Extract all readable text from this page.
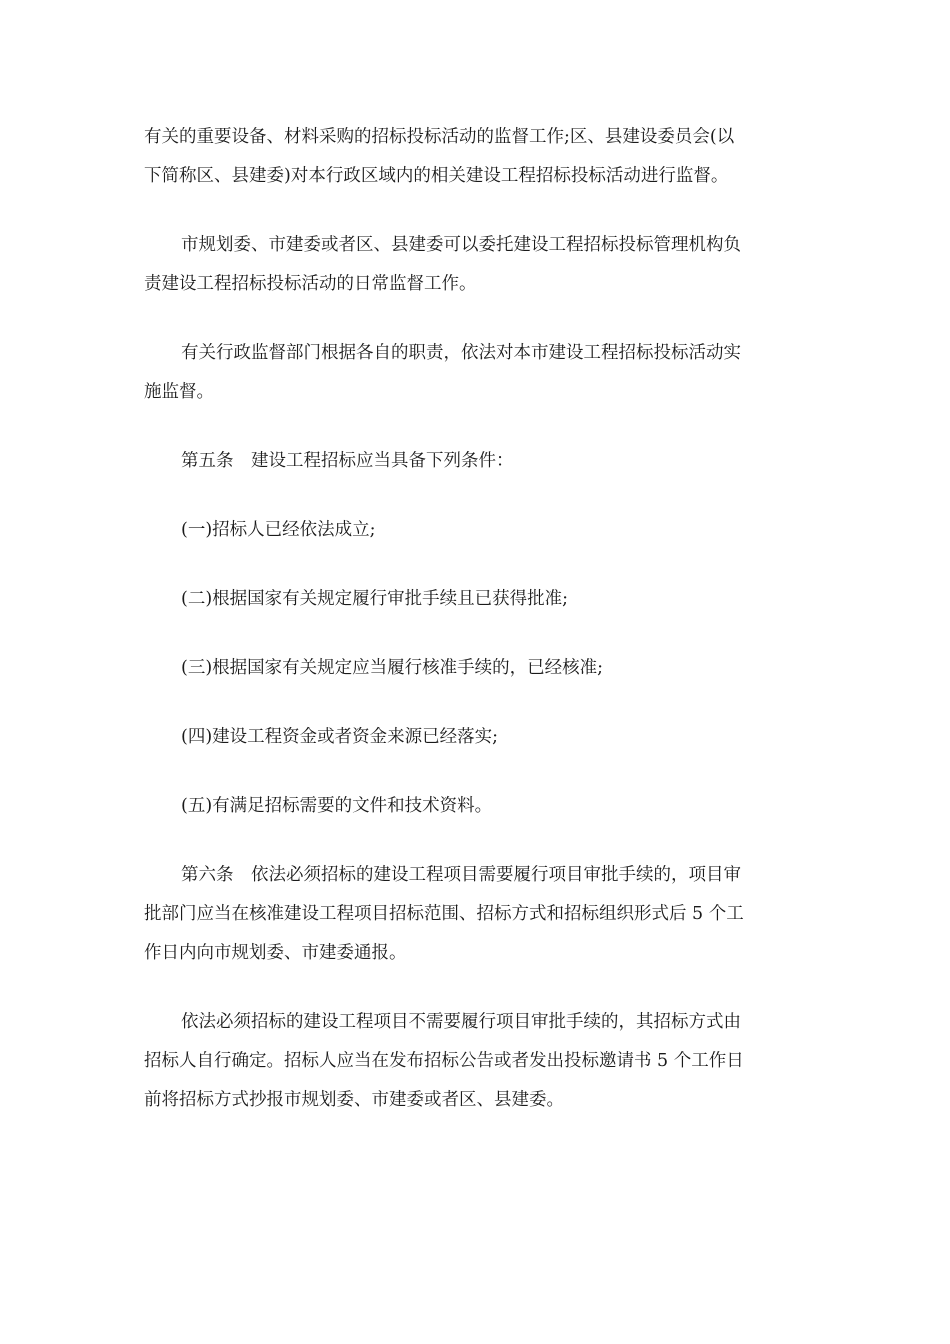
有关的重要设备、材料采购的招标投标活动的监督工作;区、县建设委员会(以
下简称区、县建委)对本行政区域内的相关建设工程招标投标活动进行监督。
市规划委、市建委或者区、县建委可以委托建设工程招标投标管理机构负
责建设工程招标投标活动的日常监督工作。
有关行政监督部门根据各自的职责，依法对本市建设工程招标投标活动实
施监督。
第五条　建设工程招标应当具备下列条件：
(一)招标人已经依法成立;
(二)根据国家有关规定履行审批手续且已获得批准;
(三)根据国家有关规定应当履行核准手续的，已经核准;
(四)建设工程资金或者资金来源已经落实;
(五)有满足招标需要的文件和技术资料。
第六条　依法必须招标的建设工程项目需要履行项目审批手续的，项目审
批部门应当在核准建设工程项目招标范围、招标方式和招标组织形式后 5 个工
作日内向市规划委、市建委通报。
依法必须招标的建设工程项目不需要履行项目审批手续的，其招标方式由
招标人自行确定。招标人应当在发布招标公告或者发出投标邀请书 5 个工作日
前将招标方式抄报市规划委、市建委或者区、县建委。
